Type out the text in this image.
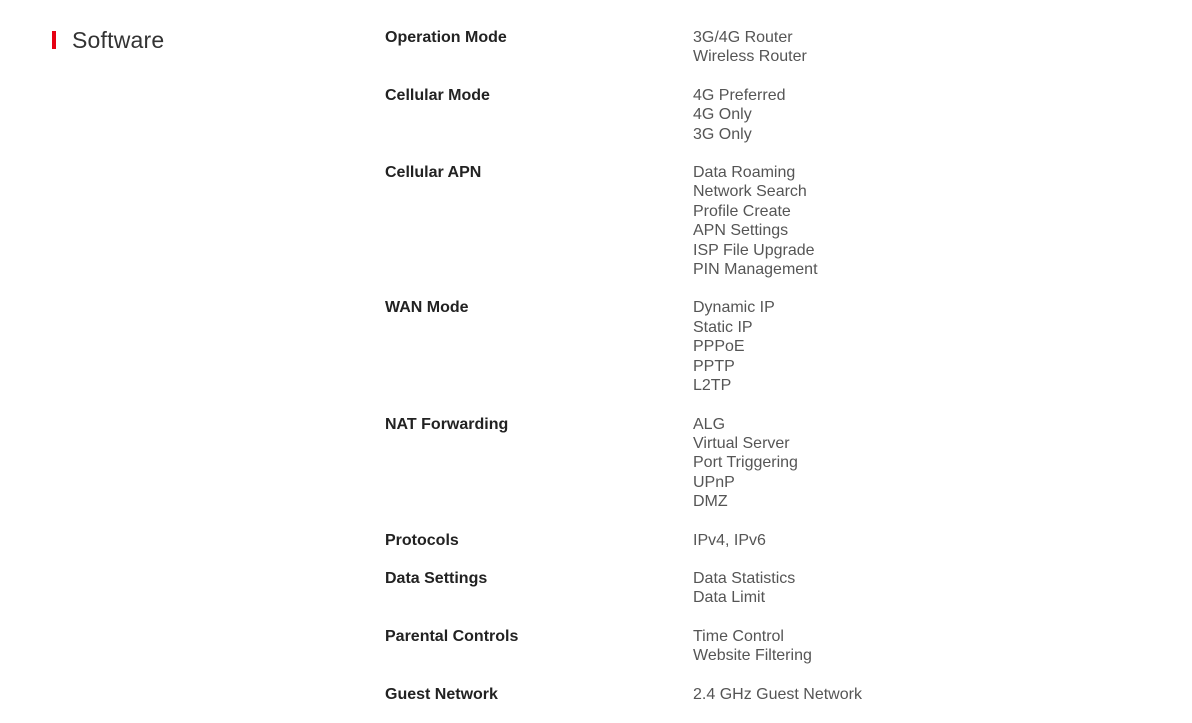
Software	Operation Mode	3G/4G Router
Wireless Router
Cellular Mode	4G Preferred
4G Only
3G Only
Cellular APN	Data Roaming
Network Search
Profile Create
APN Settings
ISP File Upgrade
PIN Management
WAN Mode	Dynamic IP
Static IP
PPPoE
PPTP
L2TP
NAT Forwarding	ALG
Virtual Server
Port Triggering
UPnP
DMZ
Protocols	IPv4, IPv6
Data Settings	Data Statistics
Data Limit
Parental Controls	Time Control
Website Filtering
Guest Network	2.4 GHz Guest Network
